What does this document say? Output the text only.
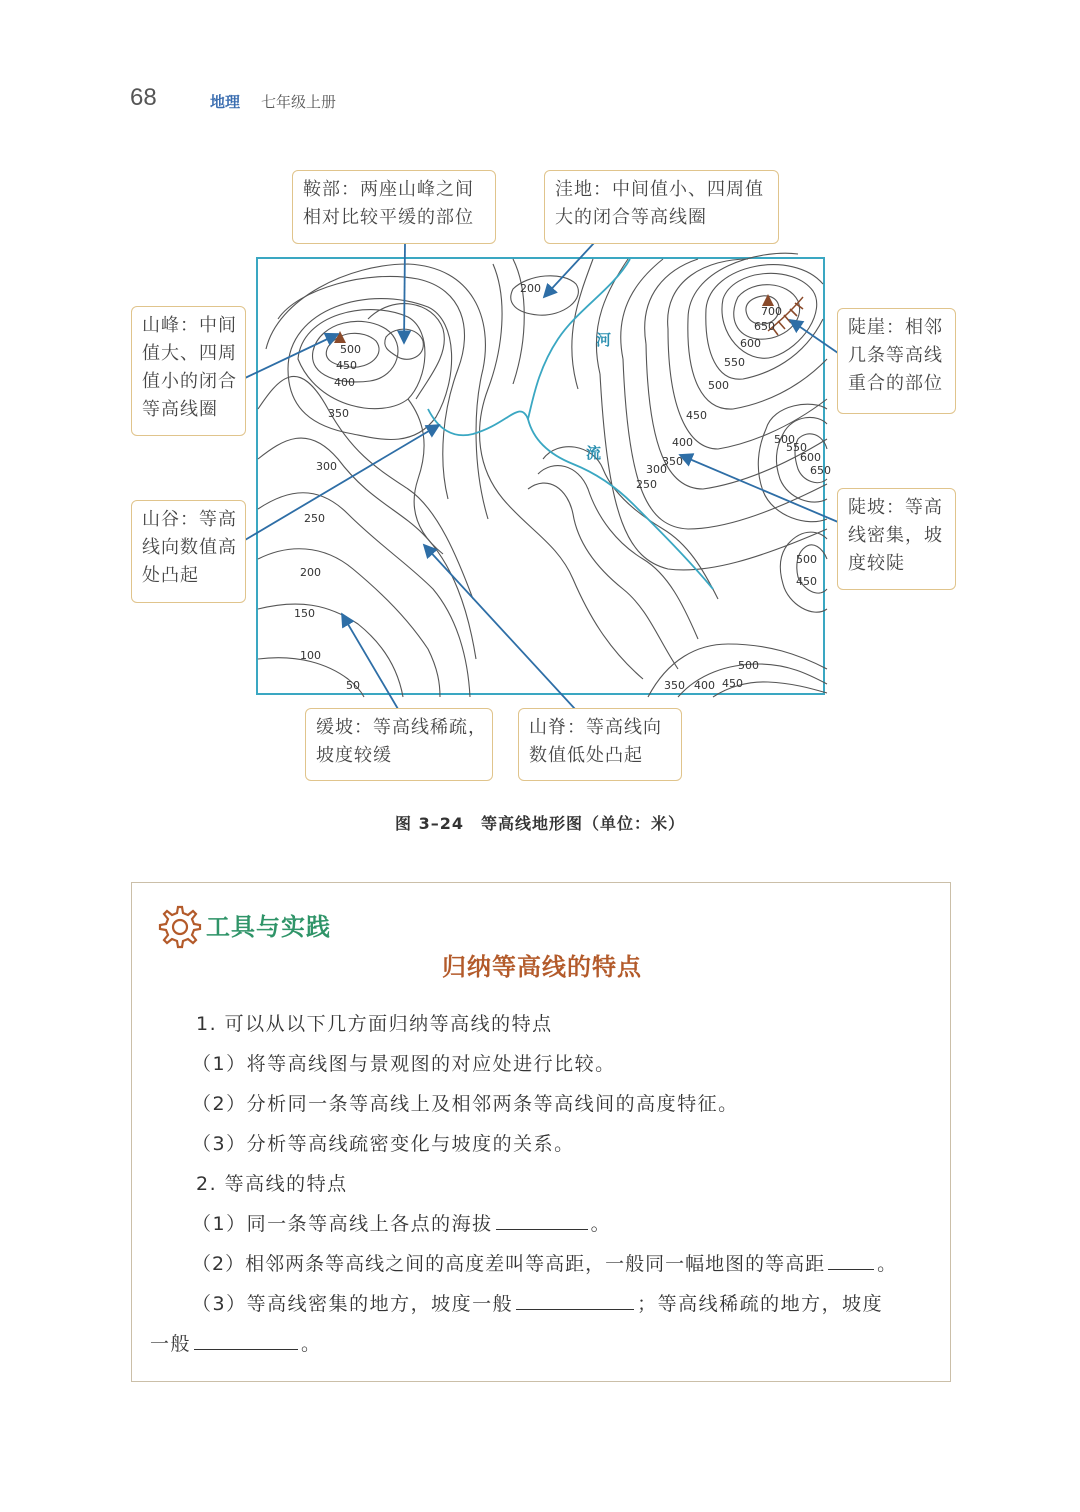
68	地理 七年级上册
500
450
400
350
300
250
200
150
100
50
200
700
650
600
550
500
450
400
350
300
250
500
550
600
650
500
450
350 400 450
500
河
流
鞍部：两座山峰之间
相对比较平缓的部位
洼地：中间值小、四周值
大的闭合等高线圈
山峰：中间
值大、四周
值小的闭合
等高线圈
陡崖：相邻
几条等高线
重合的部位
山谷：等高
线向数值高
处凸起
陡坡：等高
线密集，坡
度较陡
缓坡：等高线稀疏，
坡度较缓
山脊：等高线向
数值低处凸起
图 3–24　等高线地形图（单位：米）
工具与实践
归纳等高线的特点
1. 可以从以下几方面归纳等高线的特点
（1）将等高线图与景观图的对应处进行比较。
（2）分析同一条等高线上及相邻两条等高线间的高度特征。
（3）分析等高线疏密变化与坡度的关系。
2. 等高线的特点
（1）同一条等高线上各点的海拔	。
（2）相邻两条等高线之间的高度差叫等高距，一般同一幅地图的等高距	。
（3）等高线密集的地方，坡度一般	；等高线稀疏的地方，坡度
一般	。
